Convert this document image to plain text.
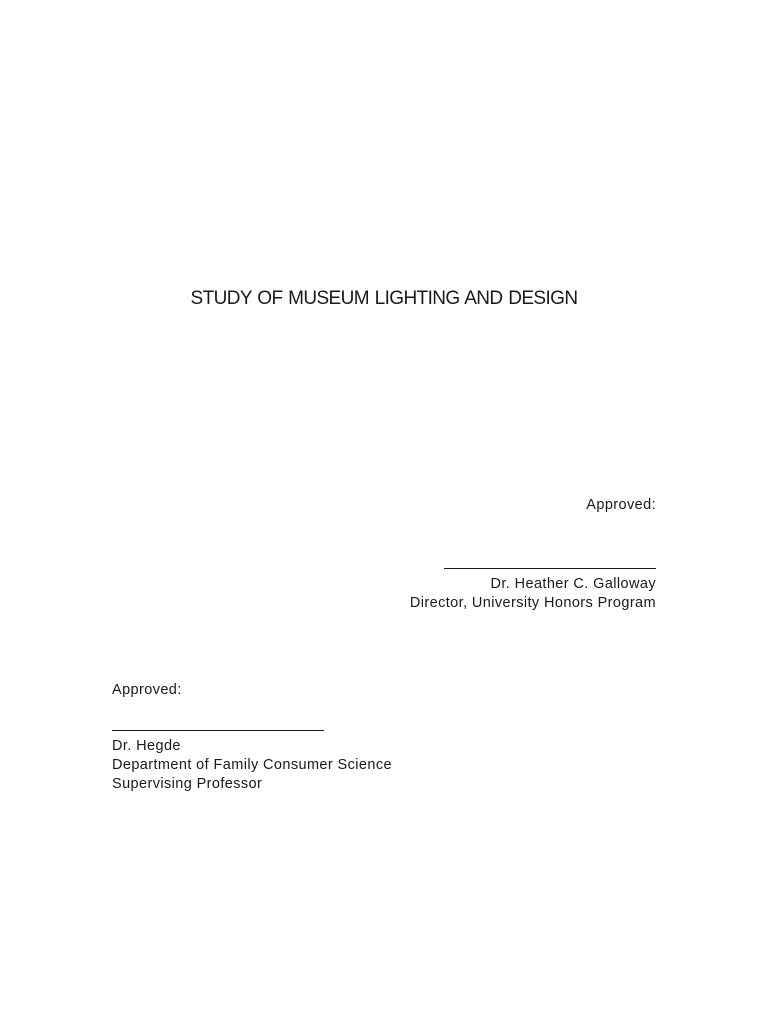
STUDY OF MUSEUM LIGHTING AND DESIGN
Approved:
Dr. Heather C. Galloway
Director, University Honors Program
Approved:
Dr. Hegde
Department of Family Consumer Science
Supervising Professor
